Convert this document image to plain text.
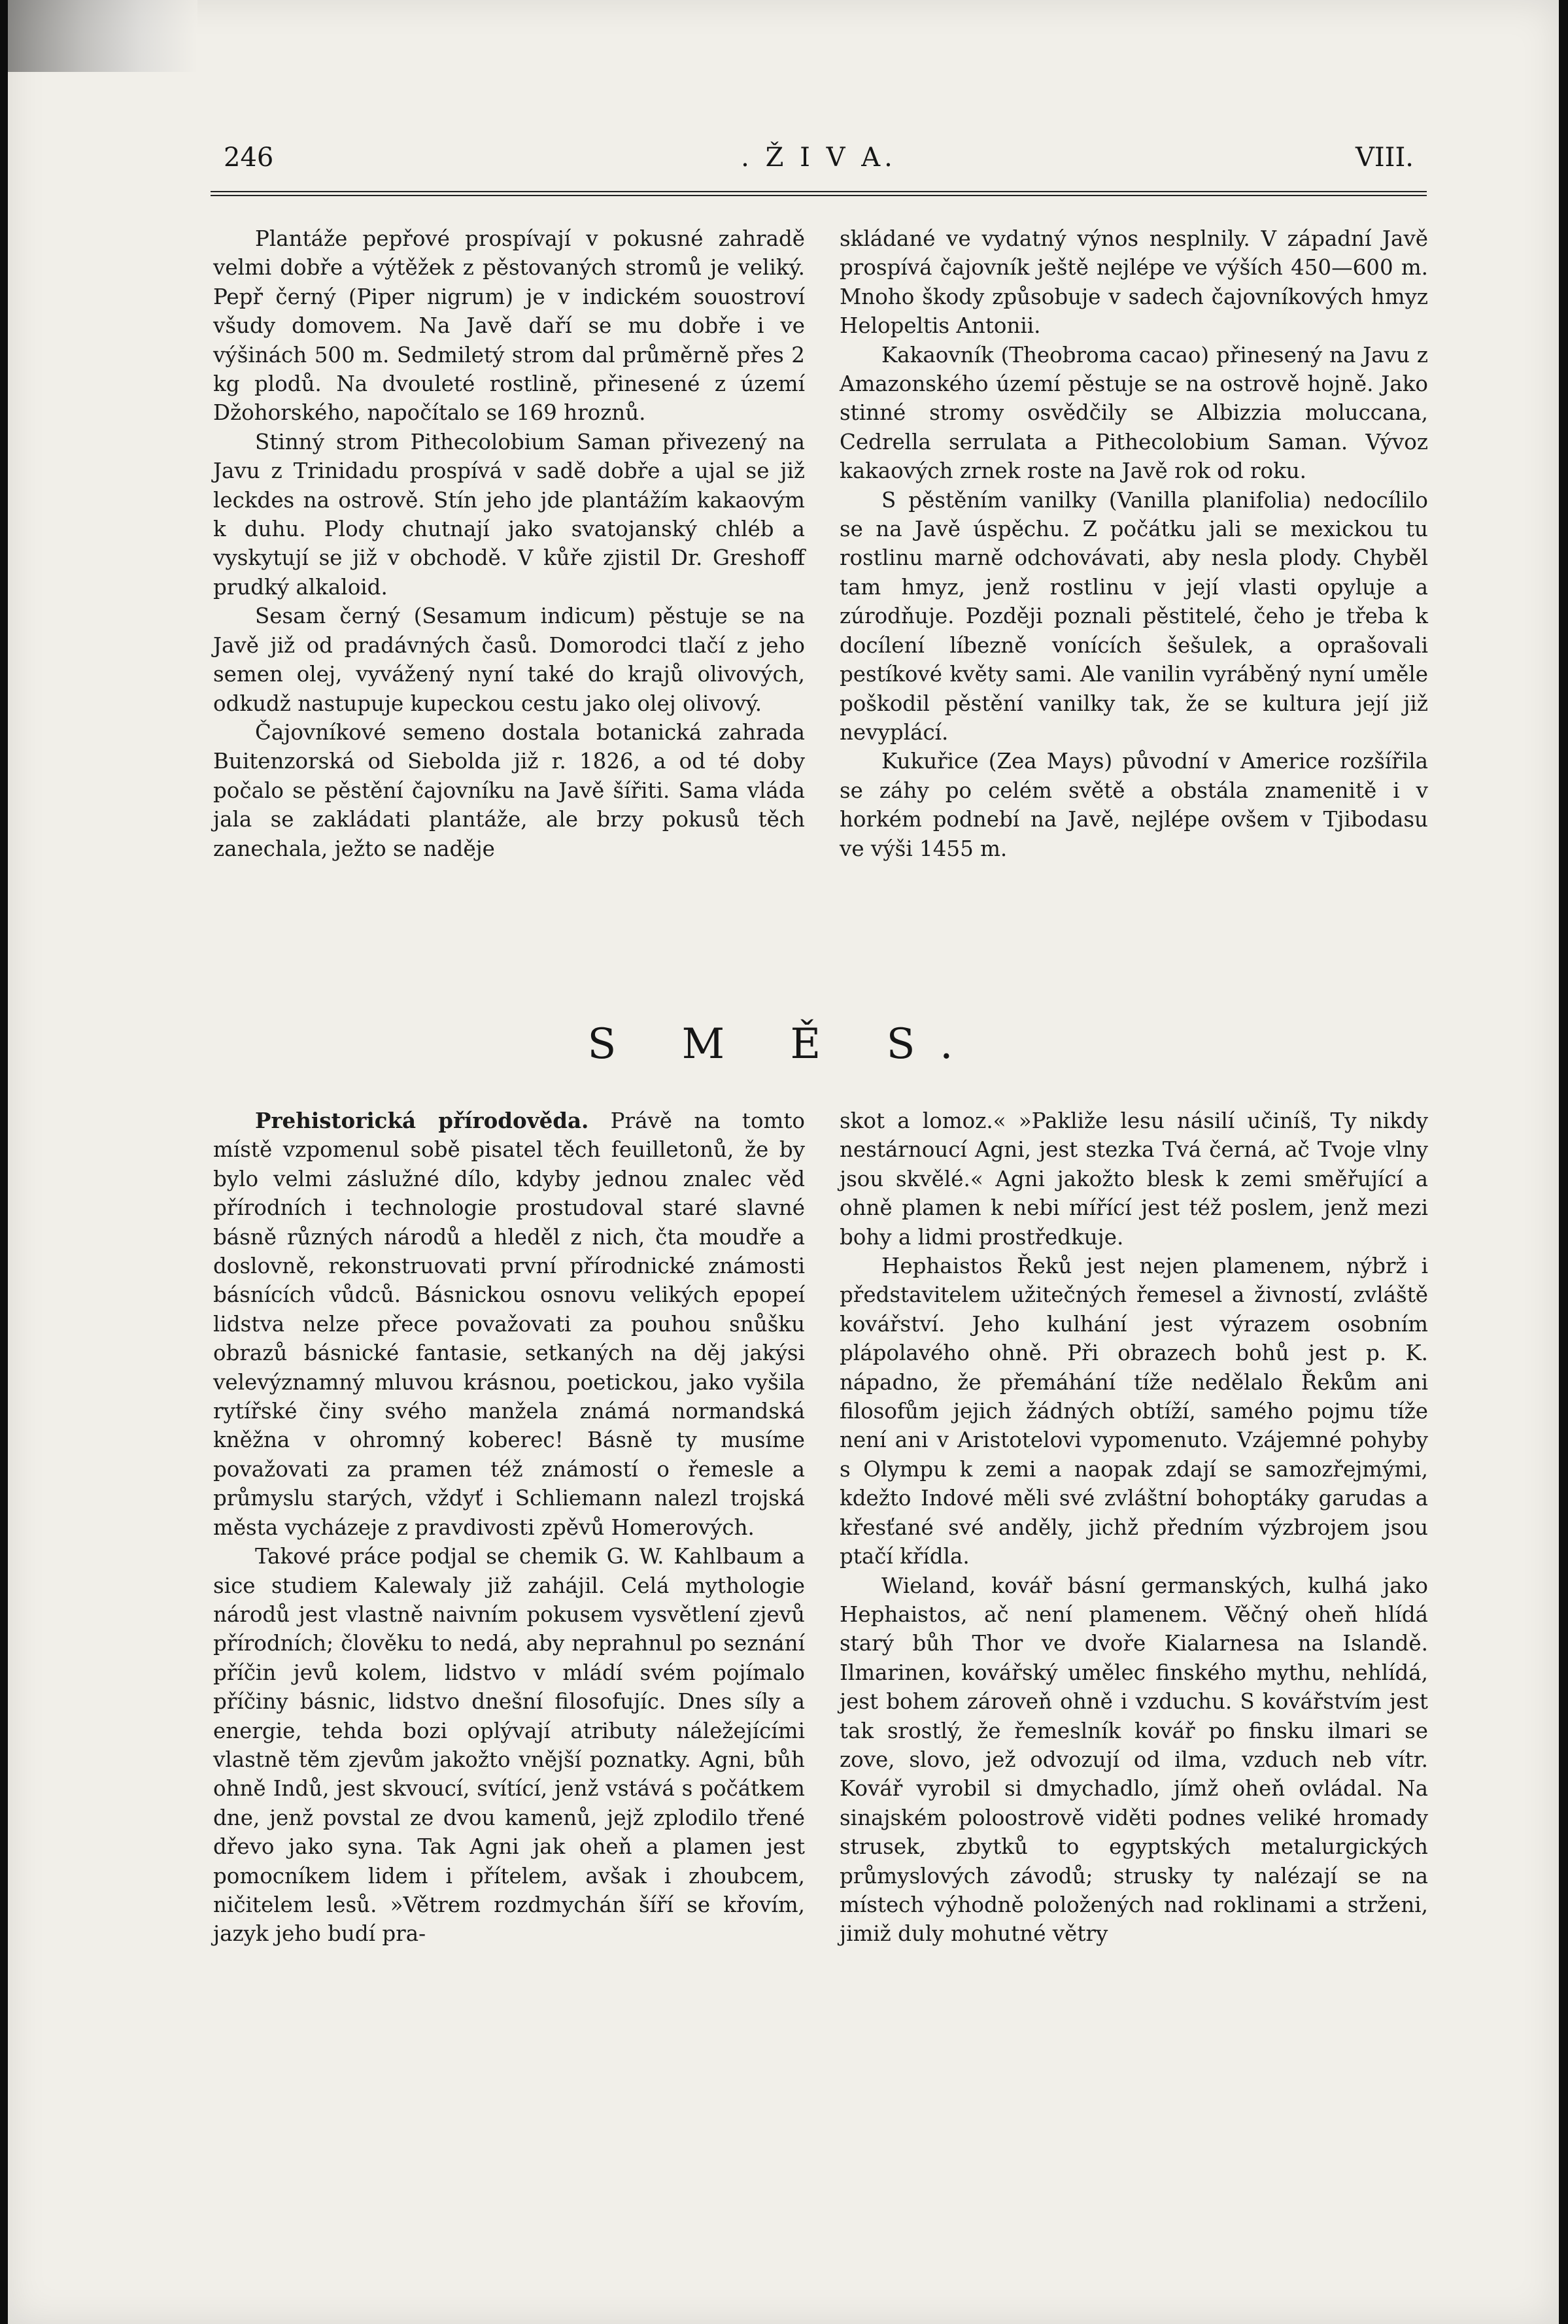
246	. Ž I V A.	VIII.

Plantáže pepřové prospívají v pokusné zahradě velmi dobře a výtěžek z pěstovaných stromů je veliký. Pepř černý (Piper nigrum) je v indickém souostroví všudy domovem. Na Javě daří se mu dobře i ve výšinách 500 m. Sedmiletý strom dal průměrně přes 2 kg plodů. Na dvouleté rostlině, přinesené z území Džohorského, napočítalo se 169 hroznů.

Stinný strom Pithecolobium Saman přivezený na Javu z Trinidadu prospívá v sadě dobře a ujal se již leckdes na ostrově. Stín jeho jde plantážím kakaovým k duhu. Plody chutnají jako svatojanský chléb a vyskytují se již v obchodě. V kůře zjistil Dr. Greshoff prudký alkaloid.

Sesam černý (Sesamum indicum) pěstuje se na Javě již od pradávných časů. Domorodci tlačí z jeho semen olej, vyvážený nyní také do krajů olivových, odkudž nastupuje kupeckou cestu jako olej olivový.

Čajovníkové semeno dostala botanická zahrada Buitenzorská od Siebolda již r. 1826, a od té doby počalo se pěstění čajovníku na Javě šířiti. Sama vláda jala se zakládati plantáže, ale brzy pokusů těch zanechala, ježto se naděje

skládané ve vydatný výnos nesplnily. V západní Javě prospívá čajovník ještě nejlépe ve výších 450—600 m. Mnoho škody způsobuje v sadech čajovníkových hmyz Helopeltis Antonii.

Kakaovník (Theobroma cacao) přinesený na Javu z Amazonského území pěstuje se na ostrově hojně. Jako stinné stromy osvědčily se Albizzia moluccana, Cedrella serrulata a Pithecolobium Saman. Vývoz kakaových zrnek roste na Javě rok od roku.

S pěstěním vanilky (Vanilla planifolia) nedocílilo se na Javě úspěchu. Z počátku jali se mexickou tu rostlinu marně odchovávati, aby nesla plody. Chyběl tam hmyz, jenž rostlinu v její vlasti opyluje a zúrodňuje. Později poznali pěstitelé, čeho je třeba k docílení líbezně vonících šešulek, a oprašovali pestíkové květy sami. Ale vanilin vyráběný nyní uměle poškodil pěstění vanilky tak, že se kultura její již nevyplácí.

Kukuřice (Zea Mays) původní v Americe rozšířila se záhy po celém světě a obstála znamenitě i v horkém podnebí na Javě, nejlépe ovšem v Tjibodasu ve výši 1455 m.

S M Ě S.

Prehistorická přírodověda. Právě na tomto místě vzpomenul sobě pisatel těch feuilletonů, že by bylo velmi záslužné dílo, kdyby jednou znalec věd přírodních i technologie prostudoval staré slavné básně různých národů a hleděl z nich, čta moudře a doslovně, rekonstruovati první přírodnické známosti básnících vůdců. Básnickou osnovu velikých epopeí lidstva nelze přece považovati za pouhou snůšku obrazů básnické fantasie, setkaných na děj jakýsi velevýznamný mluvou krásnou, poetickou, jako vyšila rytířské činy svého manžela známá normandská kněžna v ohromný koberec! Básně ty musíme považovati za pramen též známostí o řemesle a průmyslu starých, vždyť i Schliemann nalezl trojská města vycházeje z pravdivosti zpěvů Homerových.

Takové práce podjal se chemik G. W. Kahlbaum a sice studiem Kalewaly již zahájil. Celá mythologie národů jest vlastně naivním pokusem vysvětlení zjevů přírodních; člověku to nedá, aby neprahnul po seznání příčin jevů kolem, lidstvo v mládí svém pojímalo příčiny básnic, lidstvo dnešní filosofujíc. Dnes síly a energie, tehda bozi oplývají atributy náležejícími vlastně těm zjevům jakožto vnější poznatky. Agni, bůh ohně Indů, jest skvoucí, svítící, jenž vstává s počátkem dne, jenž povstal ze dvou kamenů, jejž zplodilo třené dřevo jako syna. Tak Agni jak oheň a plamen jest pomocníkem lidem i přítelem, avšak i zhoubcem, ničitelem lesů. »Větrem rozdmychán šíří se křovím, jazyk jeho budí pra-

skot a lomoz.« »Pakliže lesu násilí učiníš, Ty nikdy nestárnoucí Agni, jest stezka Tvá černá, ač Tvoje vlny jsou skvělé.« Agni jakožto blesk k zemi směřující a ohně plamen k nebi mířící jest též poslem, jenž mezi bohy a lidmi prostředkuje.

Hephaistos Řeků jest nejen plamenem, nýbrž i představitelem užitečných řemesel a živností, zvláště kovářství. Jeho kulhání jest výrazem osobním plápolavého ohně. Při obrazech bohů jest p. K. nápadno, že přemáhání tíže nedělalo Řekům ani filosofům jejich žádných obtíží, samého pojmu tíže není ani v Aristotelovi vypomenuto. Vzájemné pohyby s Olympu k zemi a naopak zdají se samozřejmými, kdežto Indové měli své zvláštní bohoptáky garudas a křesťané své anděly, jichž předním výzbrojem jsou ptačí křídla.

Wieland, kovář básní germanských, kulhá jako Hephaistos, ač není plamenem. Věčný oheň hlídá starý bůh Thor ve dvoře Kialarnesa na Islandě. Ilmarinen, kovářský umělec finského mythu, nehlídá, jest bohem zároveň ohně i vzduchu. S kovářstvím jest tak srostlý, že řemeslník kovář po finsku ilmari se zove, slovo, jež odvozují od ilma, vzduch neb vítr. Kovář vyrobil si dmychadlo, jímž oheň ovládal. Na sinajském poloostrově viděti podnes veliké hromady strusek, zbytků to egyptských metalurgických průmyslových závodů; strusky ty nalézají se na místech výhodně položených nad roklinami a strženi, jimiž duly mohutné větry
